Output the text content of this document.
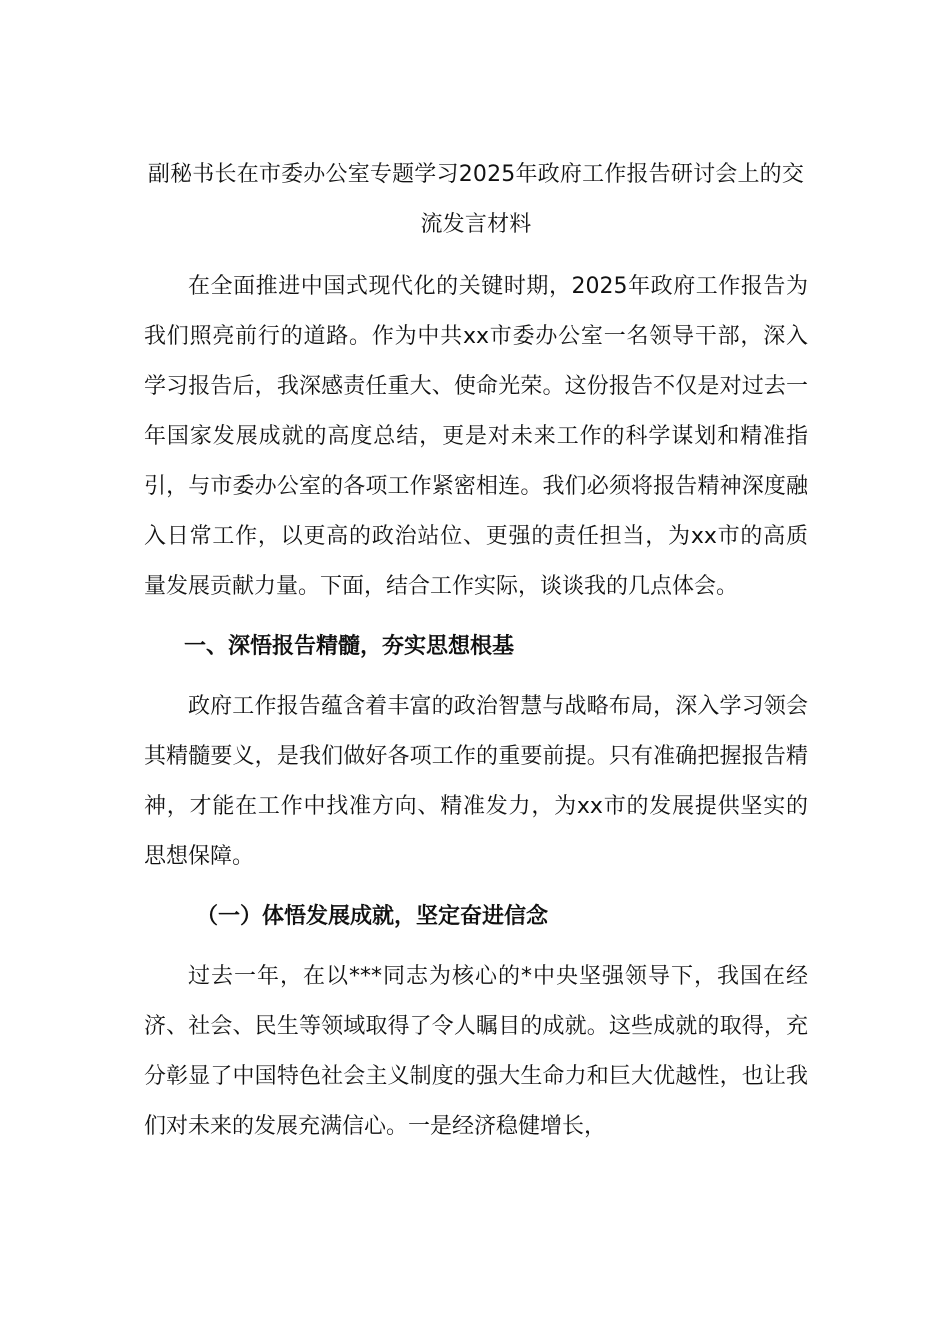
副秘书长在市委办公室专题学习2025年政府工作报告研讨会上的交流发言材料

在全面推进中国式现代化的关键时期，2025年政府工作报告为我们照亮前行的道路。作为中共xx市委办公室一名领导干部，深入学习报告后，我深感责任重大、使命光荣。这份报告不仅是对过去一年国家发展成就的高度总结，更是对未来工作的科学谋划和精准指引，与市委办公室的各项工作紧密相连。我们必须将报告精神深度融入日常工作，以更高的政治站位、更强的责任担当，为xx市的高质量发展贡献力量。下面，结合工作实际，谈谈我的几点体会。

一、深悟报告精髓，夯实思想根基

政府工作报告蕴含着丰富的政治智慧与战略布局，深入学习领会其精髓要义，是我们做好各项工作的重要前提。只有准确把握报告精神，才能在工作中找准方向、精准发力，为xx市的发展提供坚实的思想保障。

（一）体悟发展成就，坚定奋进信念

过去一年，在以***同志为核心的*中央坚强领导下，我国在经济、社会、民生等领域取得了令人瞩目的成就。这些成就的取得，充分彰显了中国特色社会主义制度的强大生命力和巨大优越性，也让我们对未来的发展充满信心。一是经济稳健增长，
